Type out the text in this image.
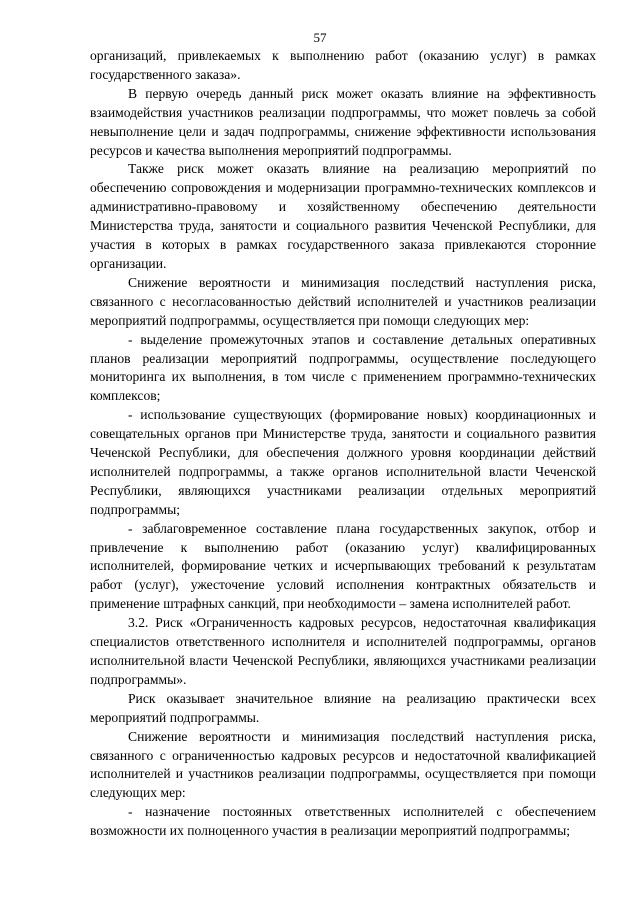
57

организаций, привлекаемых к выполнению работ (оказанию услуг) в рамках государственного заказа».

В первую очередь данный риск может оказать влияние на эффективность взаимодействия участников реализации подпрограммы, что может повлечь за собой невыполнение цели и задач подпрограммы, снижение эффективности использования ресурсов и качества выполнения мероприятий подпрограммы.

Также риск может оказать влияние на реализацию мероприятий по обеспечению сопровождения и модернизации программно-технических комплексов и административно-правовому и хозяйственному обеспечению деятельности Министерства труда, занятости и социального развития Чеченской Республики, для участия в которых в рамках государственного заказа привлекаются сторонние организации.

Снижение вероятности и минимизация последствий наступления риска, связанного с несогласованностью действий исполнителей и участников реализации мероприятий подпрограммы, осуществляется при помощи следующих мер:

- выделение промежуточных этапов и составление детальных оперативных планов реализации мероприятий подпрограммы, осуществление последующего мониторинга их выполнения, в том числе с применением программно-технических комплексов;

- использование существующих (формирование новых) координационных и совещательных органов при Министерстве труда, занятости и социального развития Чеченской Республики, для обеспечения должного уровня координации действий исполнителей подпрограммы, а также органов исполнительной власти Чеченской Республики, являющихся участниками реализации отдельных мероприятий подпрограммы;

- заблаговременное составление плана государственных закупок, отбор и привлечение к выполнению работ (оказанию услуг) квалифицированных исполнителей, формирование четких и исчерпывающих требований к результатам работ (услуг), ужесточение условий исполнения контрактных обязательств и применение штрафных санкций, при необходимости – замена исполнителей работ.

3.2. Риск «Ограниченность кадровых ресурсов, недостаточная квалификация специалистов ответственного исполнителя и исполнителей подпрограммы, органов исполнительной власти Чеченской Республики, являющихся участниками реализации подпрограммы».

Риск оказывает значительное влияние на реализацию практически всех мероприятий подпрограммы.

Снижение вероятности и минимизация последствий наступления риска, связанного с ограниченностью кадровых ресурсов и недостаточной квалификацией исполнителей и участников реализации подпрограммы, осуществляется при помощи следующих мер:

- назначение постоянных ответственных исполнителей с обеспечением возможности их полноценного участия в реализации мероприятий подпрограммы;
